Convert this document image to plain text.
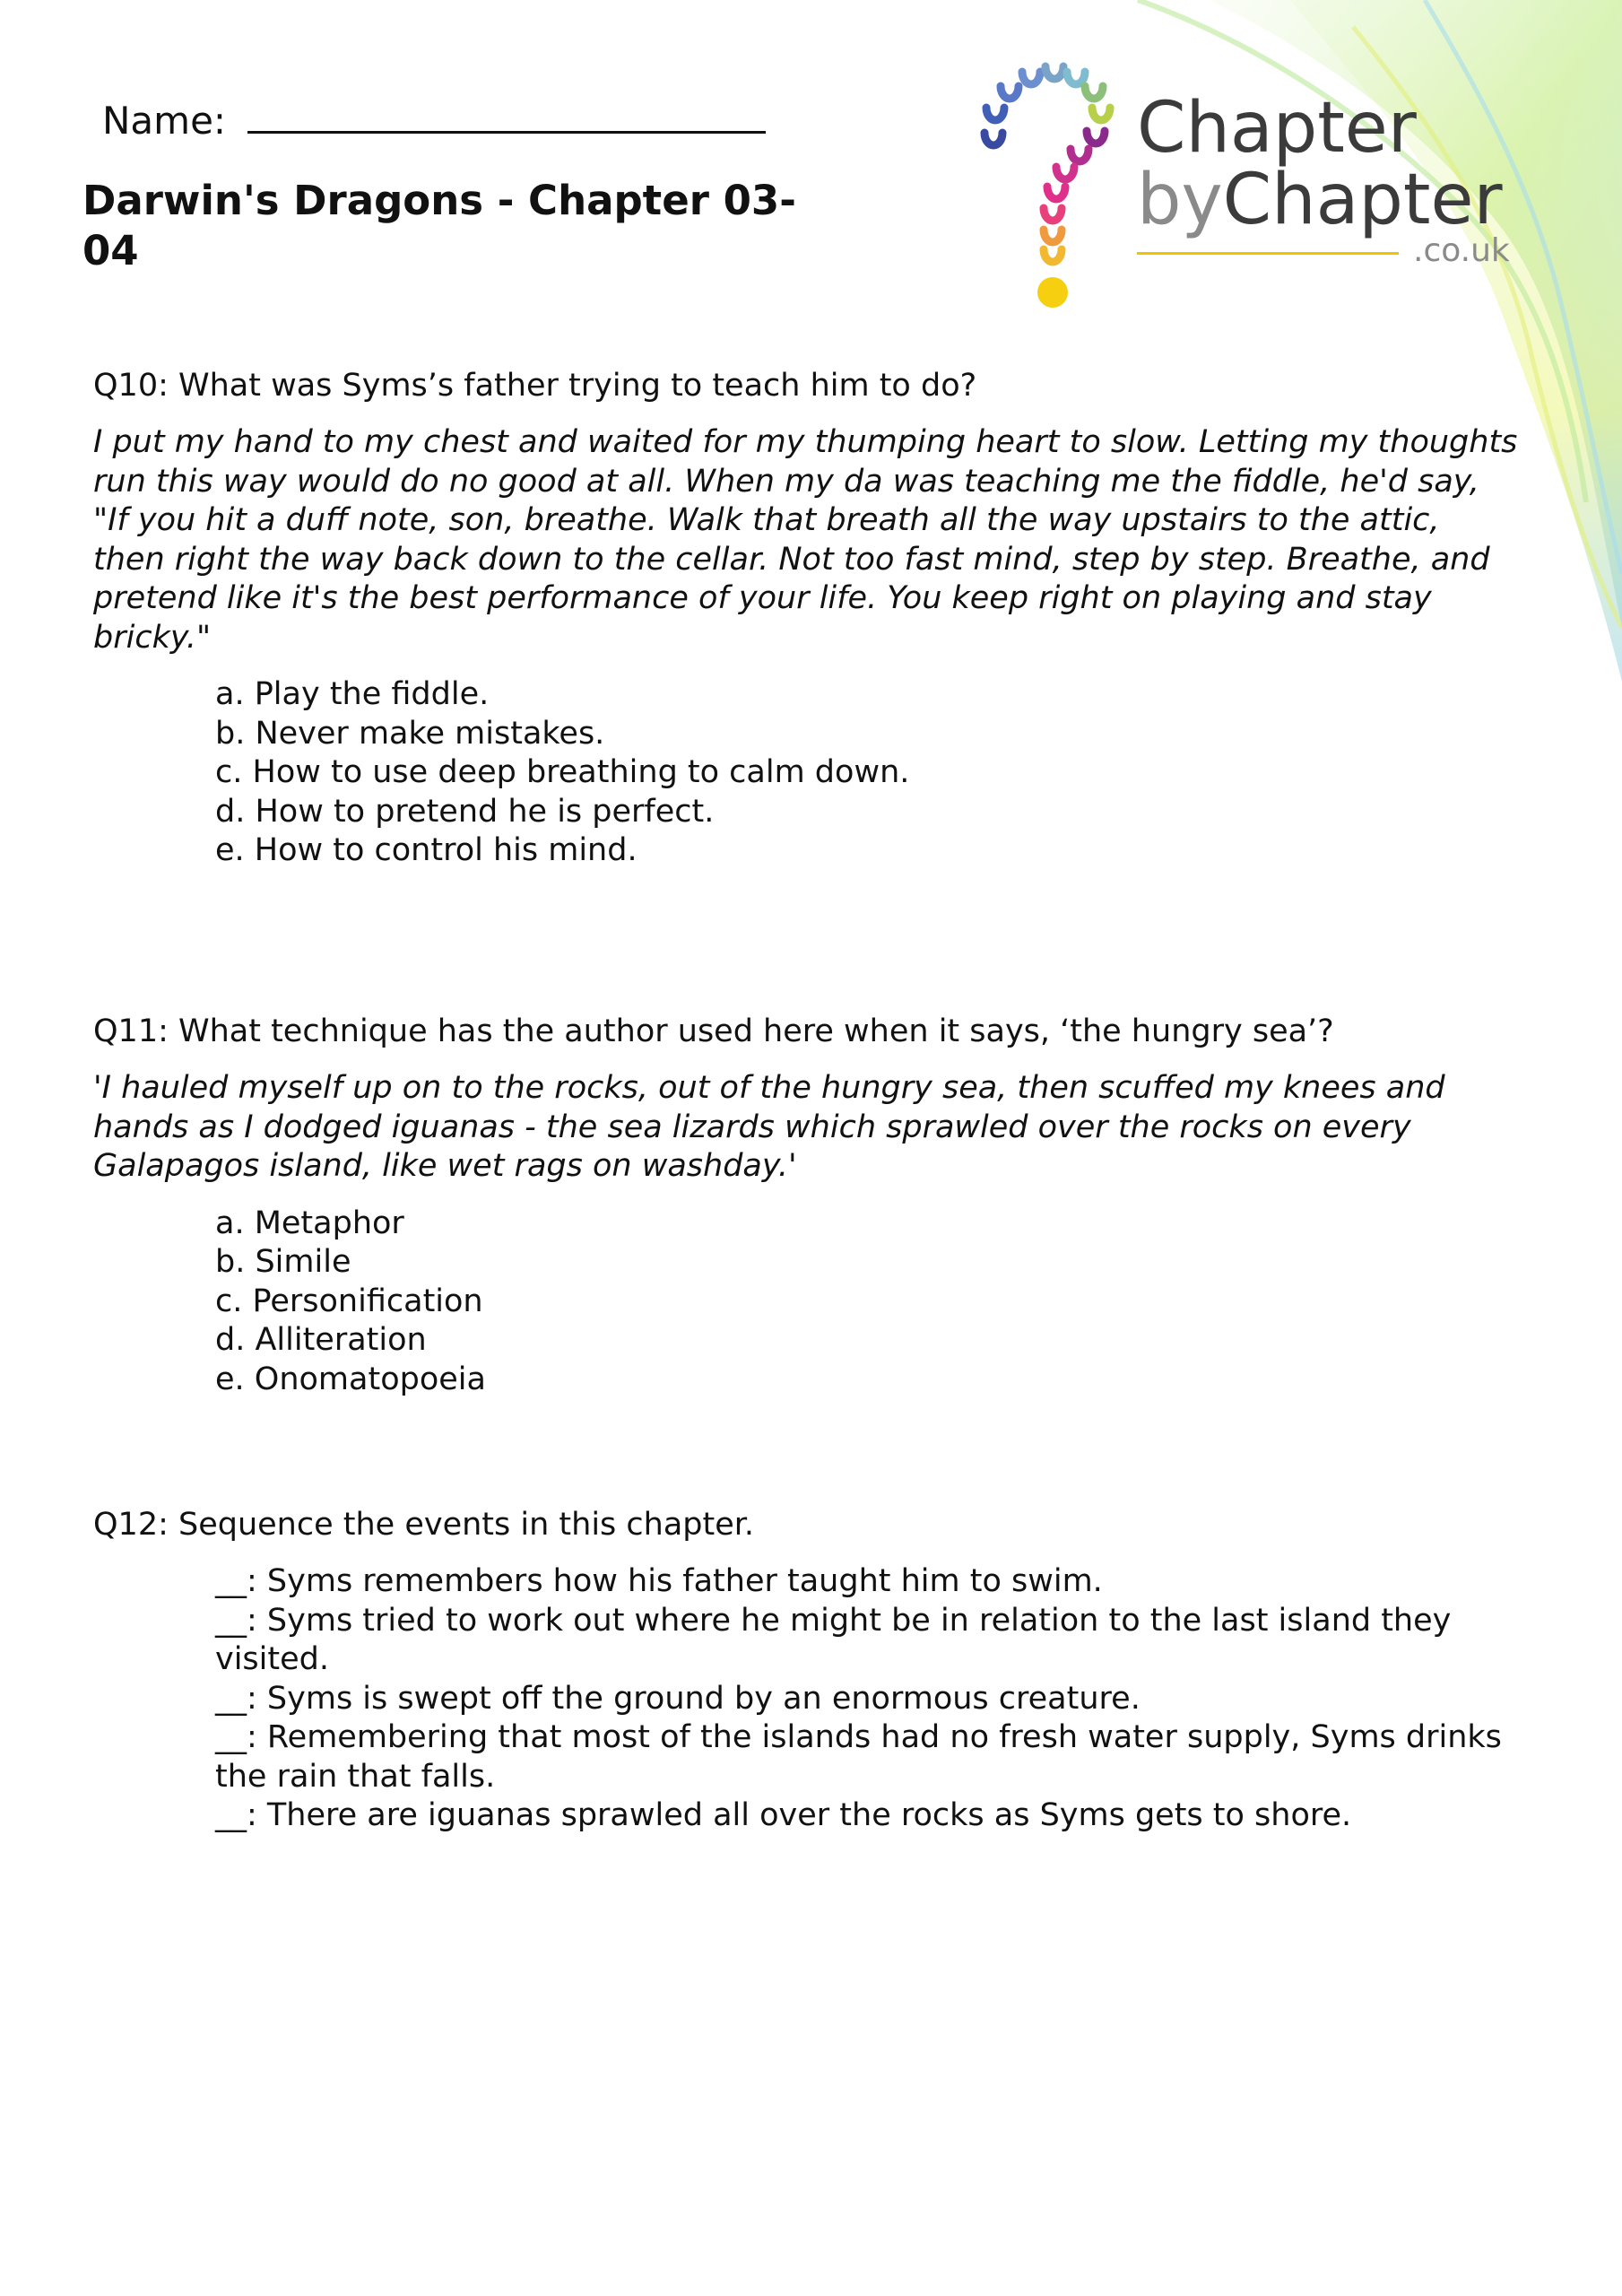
Chapter
byChapter
.co.uk
Name:
Darwin's Dragons - Chapter 03-04

Q10: What was Syms’s father trying to teach him to do?

I put my hand to my chest and waited for my thumping heart to slow. Letting my thoughts run this way would do no good at all. When my da was teaching me the fiddle, he'd say,
"If you hit a duff note, son, breathe. Walk that breath all the way upstairs to the attic, then right the way back down to the cellar. Not too fast mind, step by step. Breathe, and pretend like it's the best performance of your life. You keep right on playing and stay bricky."

a. Play the fiddle.
b. Never make mistakes.
c. How to use deep breathing to calm down.
d. How to pretend he is perfect.
e. How to control his mind.

Q11: What technique has the author used here when it says, ‘the hungry sea’?

'I hauled myself up on to the rocks, out of the hungry sea, then scuffed my knees and hands as I dodged iguanas - the sea lizards which sprawled over the rocks on every Galapagos island, like wet rags on washday.'

a. Metaphor
b. Simile
c. Personification
d. Alliteration
e. Onomatopoeia

Q12: Sequence the events in this chapter.

__: Syms remembers how his father taught him to swim.
__: Syms tried to work out where he might be in relation to the last island they visited.
__: Syms is swept off the ground by an enormous creature.
__: Remembering that most of the islands had no fresh water supply, Syms drinks the rain that falls.
__: There are iguanas sprawled all over the rocks as Syms gets to shore.
